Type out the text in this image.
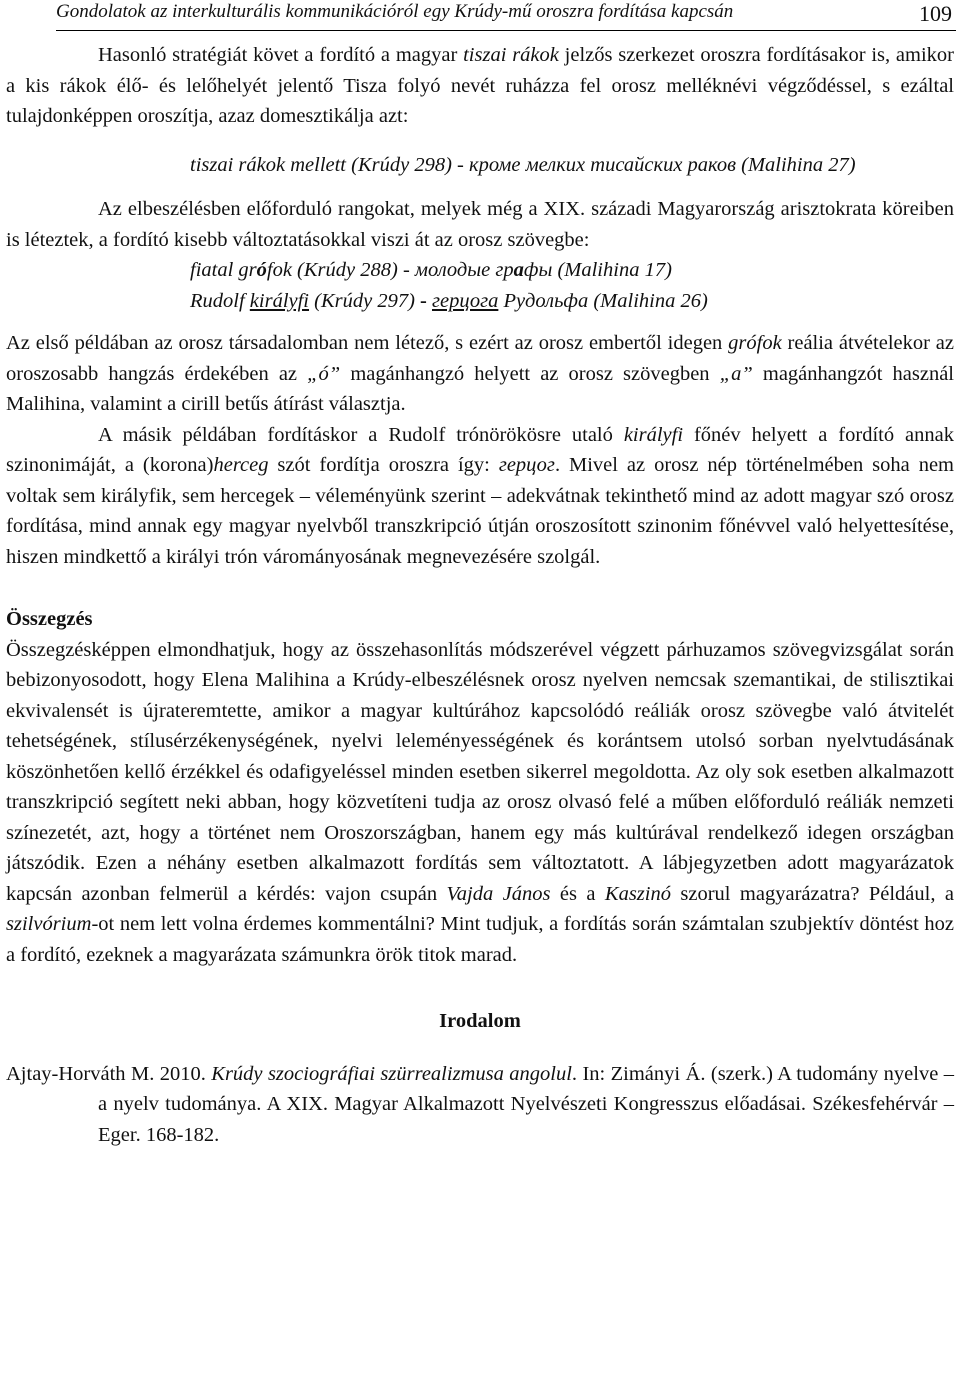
Gondolatok az interkulturális kommunikációról egy Krúdy-mű oroszra fordítása kapcsán	109

Hasonló stratégiát követ a fordító a magyar tiszai rákok jelzős szerkezet oroszra fordításakor is, amikor a kis rákok élő- és lelőhelyét jelentő Tisza folyó nevét ruházza fel orosz melléknévi végződéssel, s ezáltal tulajdonképpen oroszítja, azaz domesztikálja azt:

tiszai rákok mellett (Krúdy 298) - кроме мелких тисайских раков (Malihina 27)

Az elbeszélésben előforduló rangokat, melyek még a XIX. századi Magyarország arisztokrata köreiben is léteztek, a fordító kisebb változtatásokkal viszi át az orosz szövegbe:

fiatal grófok (Krúdy 288) - молодые графы (Malihina 17)

Rudolf királyfi (Krúdy 297) - герцога Рудольфа (Malihina 26)

Az első példában az orosz társadalomban nem létező, s ezért az orosz embertől idegen grófok reália átvételekor az oroszosabb hangzás érdekében az „ó” magánhangzó helyett az orosz szövegben „a” magánhangzót használ Malihina, valamint a cirill betűs átírást választja.

A másik példában fordításkor a Rudolf trónörökösre utaló királyfi főnév helyett a fordító annak szinonimáját, a (korona)herceg szót fordítja oroszra így: герцог. Mivel az orosz nép történelmében soha nem voltak sem királyfik, sem hercegek – véleményünk szerint – adekvátnak tekinthető mind az adott magyar szó orosz fordítása, mind annak egy magyar nyelvből transzkripció útján oroszosított szinonim főnévvel való helyettesítése, hiszen mindkettő a királyi trón várományosának megnevezésére szolgál.

Összegzés

Összegzésképpen elmondhatjuk, hogy az összehasonlítás módszerével végzett párhuzamos szövegvizsgálat során bebizonyosodott, hogy Elena Malihina a Krúdy-elbeszélésnek orosz nyelven nemcsak szemantikai, de stilisztikai ekvivalensét is újrateremtette, amikor a magyar kultúrához kapcsolódó reáliák orosz szövegbe való átvitelét tehetségének, stílusérzékenységének, nyelvi leleményességének és korántsem utolsó sorban nyelvtudásának köszönhetően kellő érzékkel és odafigyeléssel minden esetben sikerrel megoldotta. Az oly sok esetben alkalmazott transzkripció segített neki abban, hogy közvetíteni tudja az orosz olvasó felé a műben előforduló reáliák nemzeti színezetét, azt, hogy a történet nem Oroszországban, hanem egy más kultúrával rendelkező idegen országban játszódik. Ezen a néhány esetben alkalmazott fordítás sem változtatott. A lábjegyzetben adott magyarázatok kapcsán azonban felmerül a kérdés: vajon csupán Vajda János és a Kaszinó szorul magyarázatra? Például, a szilvórium-ot nem lett volna érdemes kommentálni? Mint tudjuk, a fordítás során számtalan szubjektív döntést hoz a fordító, ezeknek a magyarázata számunkra örök titok marad.

Irodalom

Ajtay-Horváth M. 2010. Krúdy szociográfiai szürrealizmusa angolul. In: Zimányi Á. (szerk.) A tudomány nyelve – a nyelv tudománya. A XIX. Magyar Alkalmazott Nyelvészeti Kongresszus előadásai. Székesfehérvár – Eger. 168-182.
